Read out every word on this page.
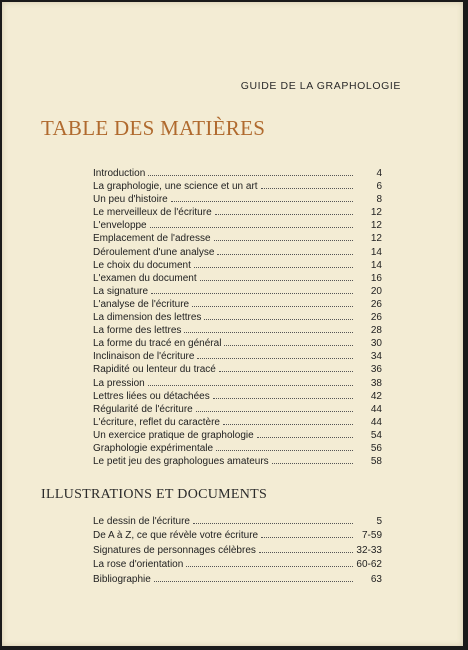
GUIDE DE LA GRAPHOLOGIE
TABLE DES MATIÈRES
Introduction	4
La graphologie, une science et un art	6
Un peu d'histoire	8
Le merveilleux de l'écriture	12
L'enveloppe	12
Emplacement de l'adresse	12
Déroulement d'une analyse	14
Le choix du document	14
L'examen du document	16
La signature	20
L'analyse de l'écriture	26
La dimension des lettres	26
La forme des lettres	28
La forme du tracé en général	30
Inclinaison de l'écriture	34
Rapidité ou lenteur du tracé	36
La pression	38
Lettres liées ou détachées	42
Régularité de l'écriture	44
L'écriture, reflet du caractère	44
Un exercice pratique de graphologie	54
Graphologie expérimentale	56
Le petit jeu des graphologues amateurs	58
ILLUSTRATIONS ET DOCUMENTS
Le dessin de l'écriture	5
De A à Z, ce que révèle votre écriture	7-59
Signatures de personnages célèbres	32-33
La rose d'orientation	60-62
Bibliographie	63
